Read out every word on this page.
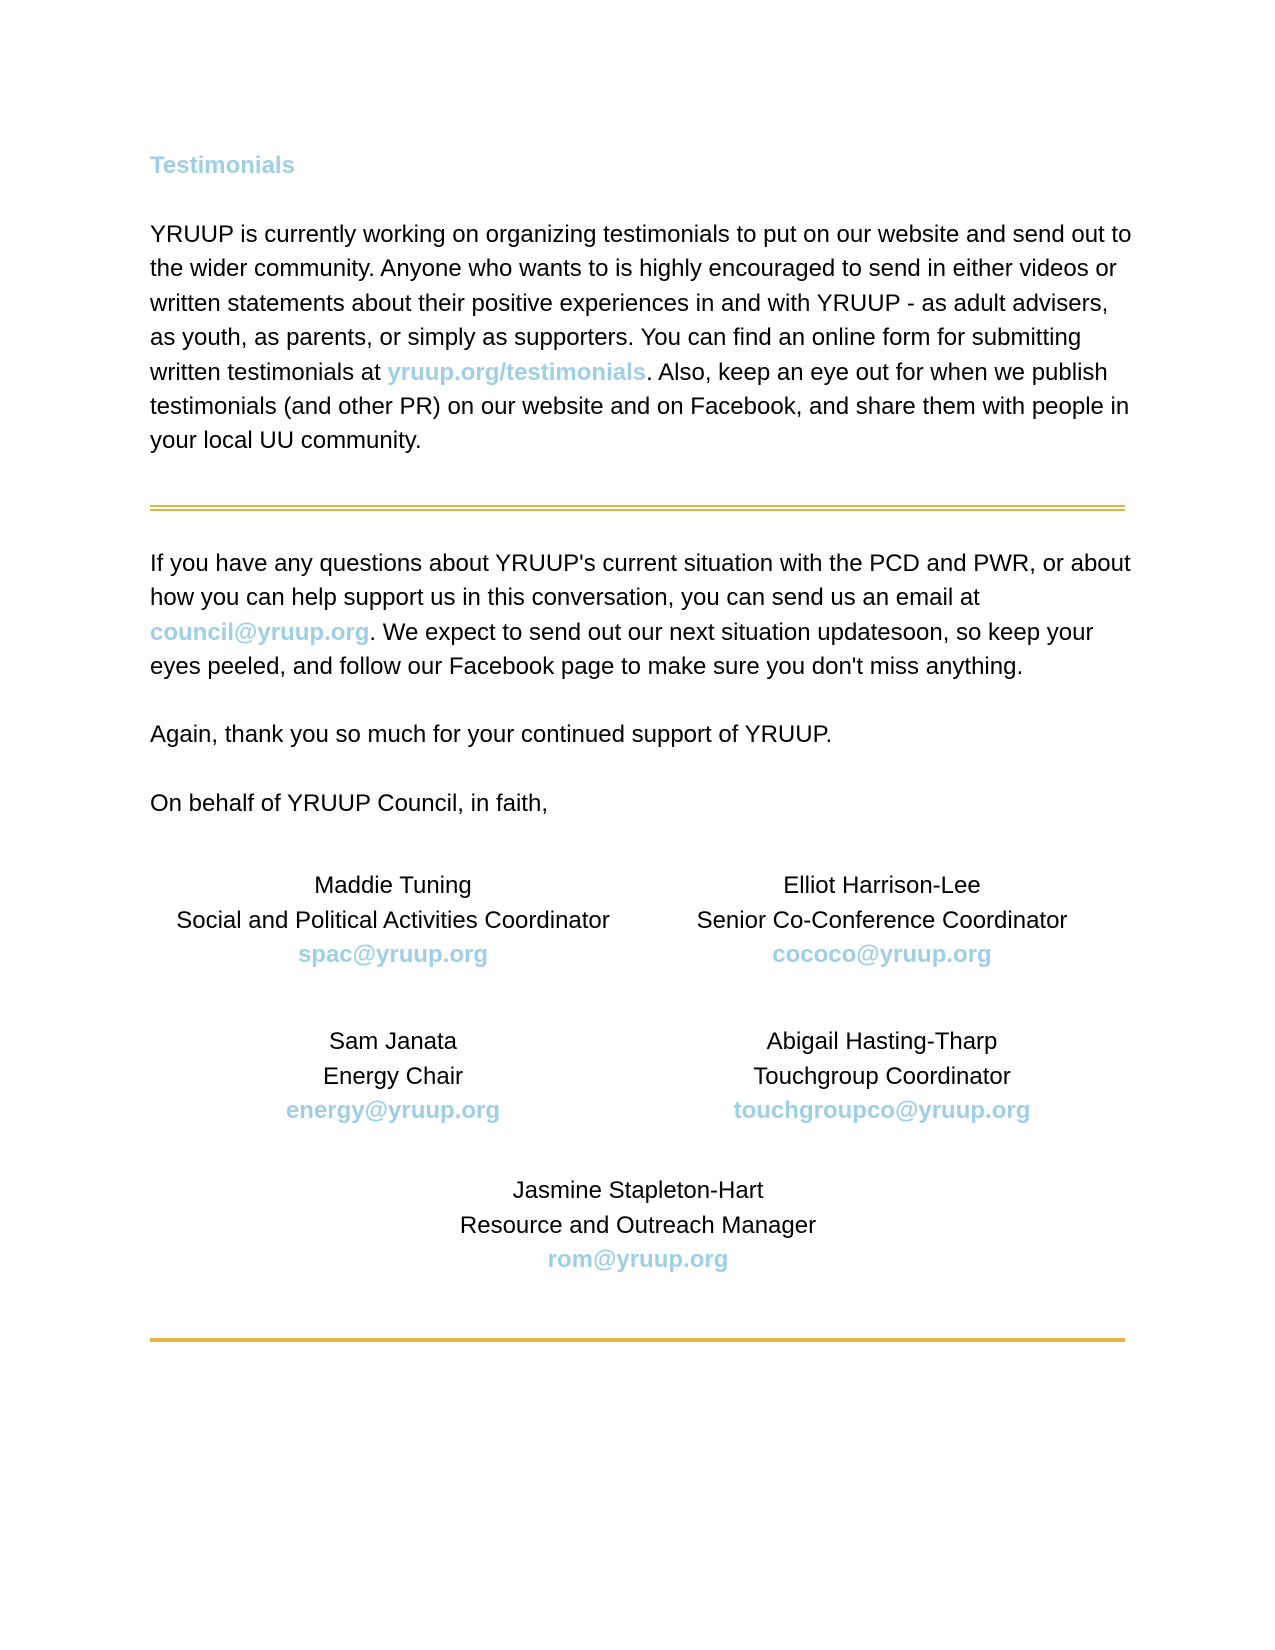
Testimonials

YRUUP is currently working on organizing testimonials to put on our website and send out to the wider community. Anyone who wants to is highly encouraged to send in either videos or written statements about their positive experiences in and with YRUUP - as adult advisers, as youth, as parents, or simply as supporters. You can find an online form for submitting written testimonials at yruup.org/testimonials. Also, keep an eye out for when we publish testimonials (and other PR) on our website and on Facebook, and share them with people in your local UU community.

If you have any questions about YRUUP's current situation with the PCD and PWR, or about how you can help support us in this conversation, you can send us an email at council@yruup.org. We expect to send out our next situation updatesoon, so keep your eyes peeled, and follow our Facebook page to make sure you don't miss anything.

Again, thank you so much for your continued support of YRUUP.

On behalf of YRUUP Council, in faith,

Maddie Tuning
Social and Political Activities Coordinator
spac@yruup.org
Elliot Harrison-Lee
Senior Co-Conference Coordinator
cococo@yruup.org
Sam Janata
Energy Chair
energy@yruup.org
Abigail Hasting-Tharp
Touchgroup Coordinator
touchgroupco@yruup.org
Jasmine Stapleton-Hart
Resource and Outreach Manager
rom@yruup.org
